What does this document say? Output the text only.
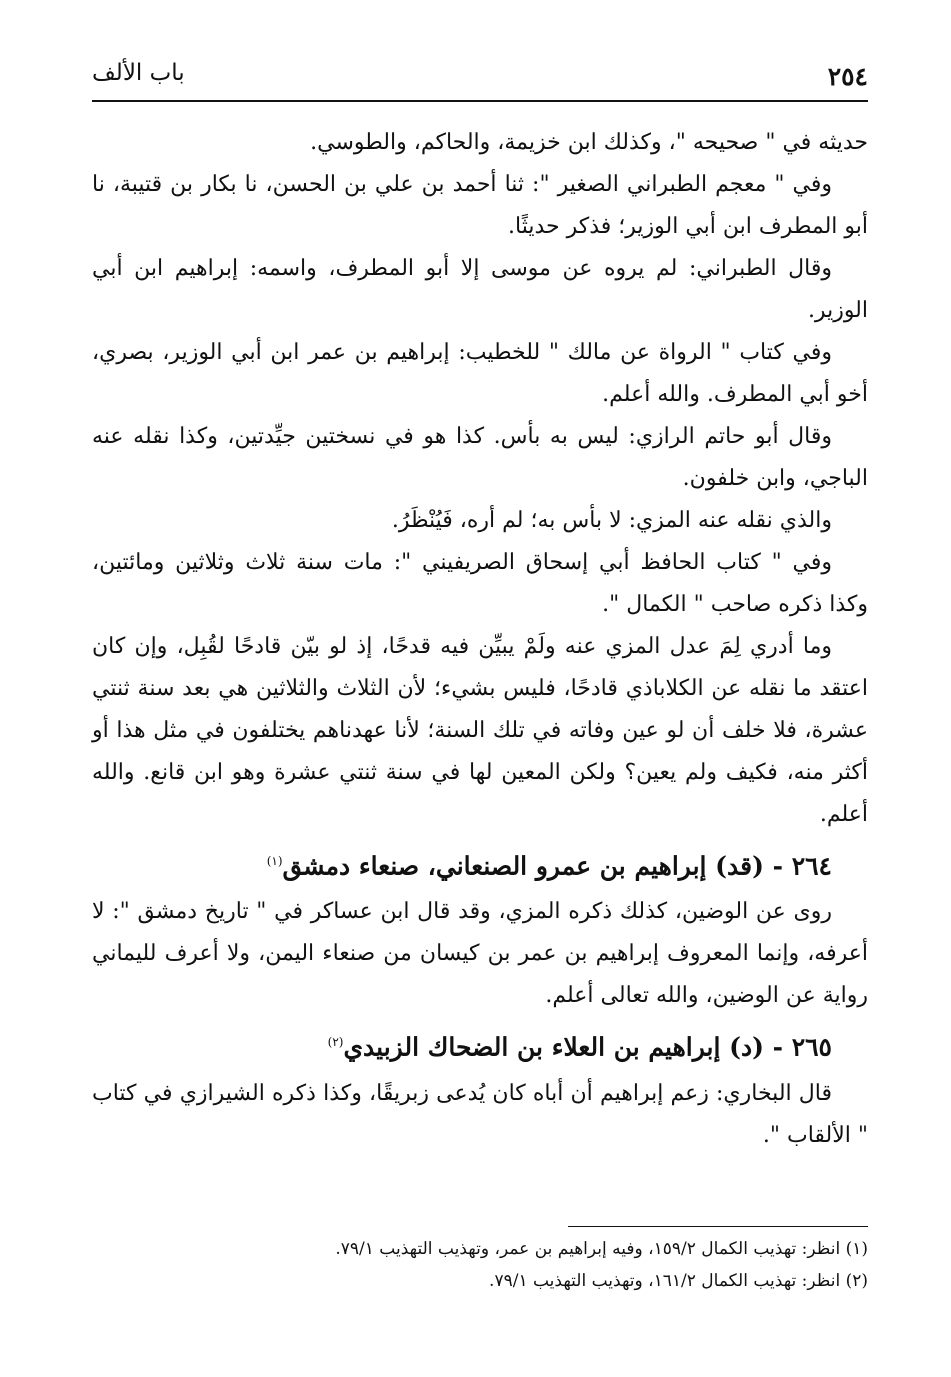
٢٥٤
باب الألف

حديثه في " صحيحه "، وكذلك ابن خزيمة، والحاكم، والطوسي.

وفي " معجم الطبراني الصغير ": ثنا أحمد بن علي بن الحسن، نا بكار بن قتيبة، نا أبو المطرف ابن أبي الوزير؛ فذكر حديثًا.

وقال الطبراني: لم يروه عن موسى إلا أبو المطرف، واسمه: إبراهيم ابن أبي الوزير.

وفي كتاب " الرواة عن مالك " للخطيب: إبراهيم بن عمر ابن أبي الوزير، بصري، أخو أبي المطرف. والله أعلم.

وقال أبو حاتم الرازي: ليس به بأس. كذا هو في نسختين جيِّدتين، وكذا نقله عنه الباجي، وابن خلفون.

والذي نقله عنه المزي: لا بأس به؛ لم أره، فَيُنْظَرُ.

وفي " كتاب الحافظ أبي إسحاق الصريفيني ": مات سنة ثلاث وثلاثين ومائتين، وكذا ذكره صاحب " الكمال ".

وما أدري لِمَ عدل المزي عنه ولَمْ يبيِّن فيه قدحًا، إذ لو بيّن قادحًا لقُبِل، وإن كان اعتقد ما نقله عن الكلاباذي قادحًا، فليس بشيء؛ لأن الثلاث والثلاثين هي بعد سنة ثنتي عشرة، فلا خلف أن لو عين وفاته في تلك السنة؛ لأنا عهدناهم يختلفون في مثل هذا أو أكثر منه، فكيف ولم يعين؟ ولكن المعين لها في سنة ثنتي عشرة وهو ابن قانع. والله أعلم.

٢٦٤ - (قد) إبراهيم بن عمرو الصنعاني، صنعاء دمشق$^{(١)}$

روى عن الوضين، كذلك ذكره المزي، وقد قال ابن عساكر في " تاريخ دمشق ": لا أعرفه، وإنما المعروف إبراهيم بن عمر بن كيسان من صنعاء اليمن، ولا أعرف لليماني رواية عن الوضين، والله تعالى أعلم.

٢٦٥ - (د) إبراهيم بن العلاء بن الضحاك الزبيدي$^{(٢)}$

قال البخاري: زعم إبراهيم أن أباه كان يُدعى زبريقًا، وكذا ذكره الشيرازي في كتاب " الألقاب ".

(١) انظر: تهذيب الكمال ١٥٩/٢، وفيه إبراهيم بن عمر، وتهذيب التهذيب ٧٩/١.

(٢) انظر: تهذيب الكمال ١٦١/٢، وتهذيب التهذيب ٧٩/١.
